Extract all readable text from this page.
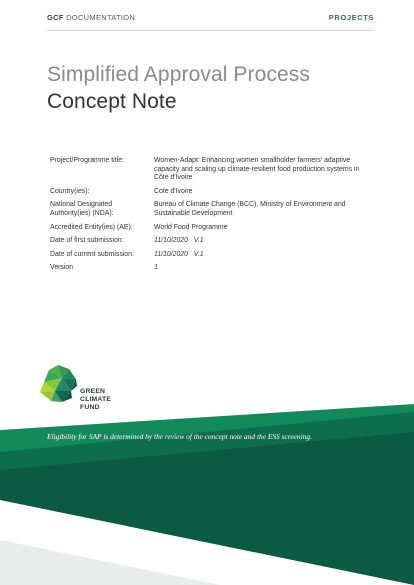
GCF DOCUMENTATION	PROJECTS
Simplified Approval Process
Concept Note
Project/Programme title:	Women-Adapt: Enhancing women smallholder farmers' adaptive capacity and scaling up climate-resilient food production systems in Côte d'Ivoire
Country(ies):	Cote d'Ivoire
National Designated Authority(ies) (NDA):
Bureau of Climate Change (BCC), Ministry of Environment and Sustainable Development
Accredited Entity(ies) (AE):	World Food Programme
Date of first submission:	11/10/2020   V.1
Date of current submission:	11/10/2020   V.1
Version	1
GREEN
CLIMATE
FUND
Eligibility for SAP is determined by the review of the concept note and the ESS screening.
